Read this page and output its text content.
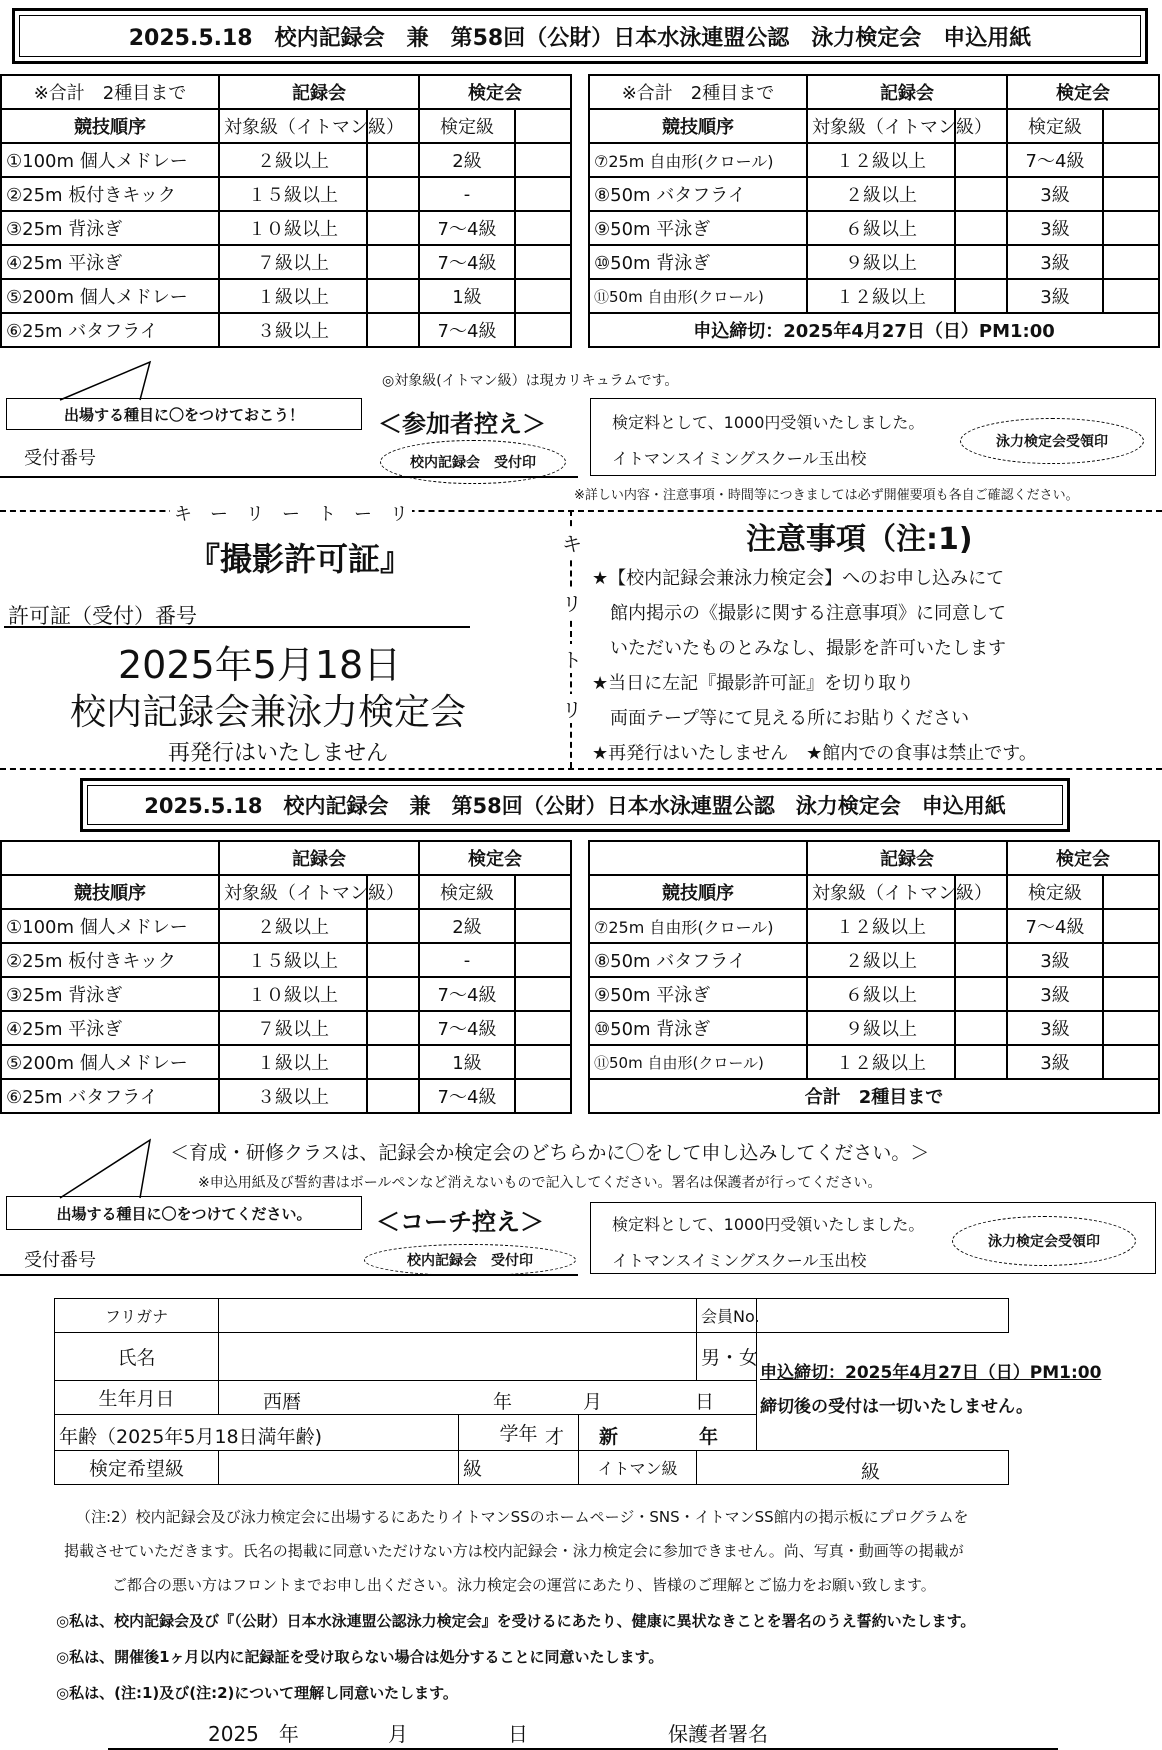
2025.5.18　校内記録会　兼　第58回（公財）日本水泳連盟公認　泳力検定会　申込用紙
※合計　2種目まで	記録会		検定会	
競技順序	対象級（イトマン級）		検定級	
①100m 個人メドレー	２級以上		2級	
②25m 板付きキック	１５級以上		-	
③25m 背泳ぎ	１０級以上		7〜4級	
④25m 平泳ぎ	７級以上		7〜4級	
⑤200m 個人メドレー	１級以上		1級	
⑥25m バタフライ	３級以上		7〜4級	
※合計　2種目まで	記録会		検定会	
競技順序	対象級（イトマン級）		検定級	
⑦25m 自由形(クロール)	１２級以上		7〜4級	
⑧50m バタフライ	２級以上		3級	
⑨50m 平泳ぎ	６級以上		3級	
⑩50m 背泳ぎ	９級以上		3級	
⑪50m 自由形(クロール)	１２級以上		3級	
申込締切：2025年4月27日（日）PM1:00				
◎対象級(イトマン級）は現カリキュラムです。
出場する種目に〇をつけておこう！	＜参加者控え＞
受付番号	校内記録会　受付印
検定料として、1000円受領いたしました。
イトマンスイミングスクール玉出校
泳力検定会受領印
※詳しい内容・注意事項・時間等につきましては必ず開催要項も各自ご確認ください。
キ　ー　リ　ー　ト　ー　リ
キ
リ
ト
リ
『撮影許可証』
許可証（受付）番号
2025年5月18日
校内記録会兼泳力検定会
再発行はいたしません
注意事項（注:1)
★【校内記録会兼泳力検定会】へのお申し込みにて
　館内掲示の《撮影に関する注意事項》に同意して
　いただいたものとみなし、撮影を許可いたします
★当日に左記『撮影許可証』を切り取り
　両面テープ等にて見える所にお貼りください
★再発行はいたしません　★館内での食事は禁止です。
2025.5.18　校内記録会　兼　第58回（公財）日本水泳連盟公認　泳力検定会　申込用紙
	記録会		検定会	
競技順序	対象級（イトマン級）		検定級	
①100m 個人メドレー	２級以上		2級	
②25m 板付きキック	１５級以上		-	
③25m 背泳ぎ	１０級以上		7〜4級	
④25m 平泳ぎ	７級以上		7〜4級	
⑤200m 個人メドレー	１級以上		1級	
⑥25m バタフライ	３級以上		7〜4級	
	記録会		検定会	
競技順序	対象級（イトマン級）		検定級	
⑦25m 自由形(クロール)	１２級以上		7〜4級	
⑧50m バタフライ	２級以上		3級	
⑨50m 平泳ぎ	６級以上		3級	
⑩50m 背泳ぎ	９級以上		3級	
⑪50m 自由形(クロール)	１２級以上		3級	
合計　2種目まで				
＜育成・研修クラスは、記録会か検定会のどちらかに〇をして申し込みしてください。＞
※申込用紙及び誓約書はボールペンなど消えないもので記入してください。署名は保護者が行ってください。
出場する種目に〇をつけてください。	＜コーチ控え＞
受付番号	校内記録会　受付印
検定料として、1000円受領いたしました。
イトマンスイミングスクール玉出校
泳力検定会受領印
フリガナ				会員No.	
氏名				男・女	
生年月日	西暦 年 月 日				

年齢（2025年5月18日満年齢) 才		学年	新 年		

検定希望級	級		イトマン級	級	
申込締切：2025年4月27日（日）PM1:00
締切後の受付は一切いたしません。
（注:2）校内記録会及び泳力検定会に出場するにあたりイトマンSSのホームページ・SNS・イトマンSS館内の掲示板にプログラムを
掲載させていただきます。氏名の掲載に同意いただけない方は校内記録会・泳力検定会に参加できません。尚、写真・動画等の掲載が
ご都合の悪い方はフロントまでお申し出ください。泳力検定会の運営にあたり、皆様のご理解とご協力をお願い致します。
◎私は、校内記録会及び『（公財）日本水泳連盟公認泳力検定会』を受けるにあたり、健康に異状なきことを署名のうえ誓約いたします。
◎私は、開催後1ヶ月以内に記録証を受け取らない場合は処分することに同意いたします。
◎私は、(注:1)及び(注:2)について理解し同意いたします。
2025　年	月	日	保護者署名
